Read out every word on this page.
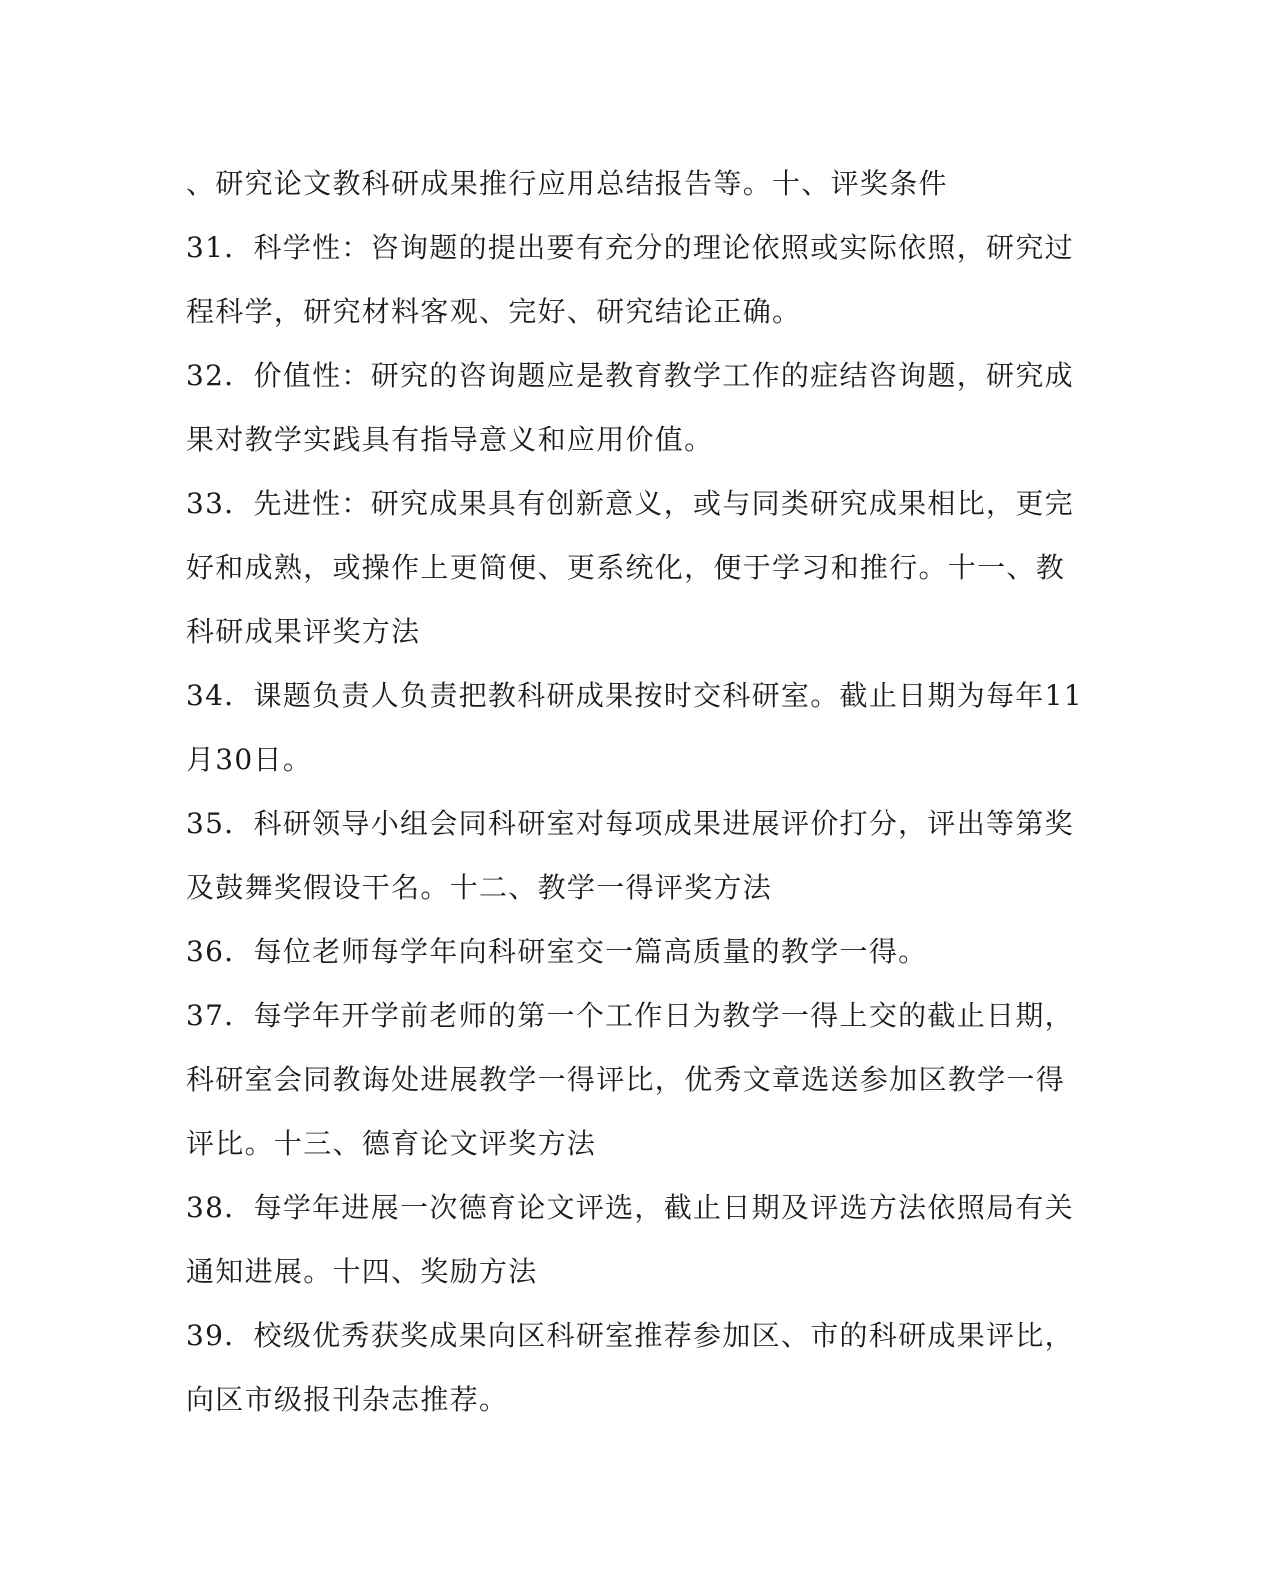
、研究论文教科研成果推行应用总结报告等。十、评奖条件
31．科学性：咨询题的提出要有充分的理论依照或实际依照，研究过
程科学，研究材料客观、完好、研究结论正确。
32．价值性：研究的咨询题应是教育教学工作的症结咨询题，研究成
果对教学实践具有指导意义和应用价值。
33．先进性：研究成果具有创新意义，或与同类研究成果相比，更完
好和成熟，或操作上更简便、更系统化，便于学习和推行。十一、教
科研成果评奖方法
34．课题负责人负责把教科研成果按时交科研室。截止日期为每年11
月30日。
35．科研领导小组会同科研室对每项成果进展评价打分，评出等第奖
及鼓舞奖假设干名。十二、教学一得评奖方法
36．每位老师每学年向科研室交一篇高质量的教学一得。
37．每学年开学前老师的第一个工作日为教学一得上交的截止日期，
科研室会同教诲处进展教学一得评比，优秀文章选送参加区教学一得
评比。十三、德育论文评奖方法
38．每学年进展一次德育论文评选，截止日期及评选方法依照局有关
通知进展。十四、奖励方法
39．校级优秀获奖成果向区科研室推荐参加区、市的科研成果评比，
向区市级报刊杂志推荐。
